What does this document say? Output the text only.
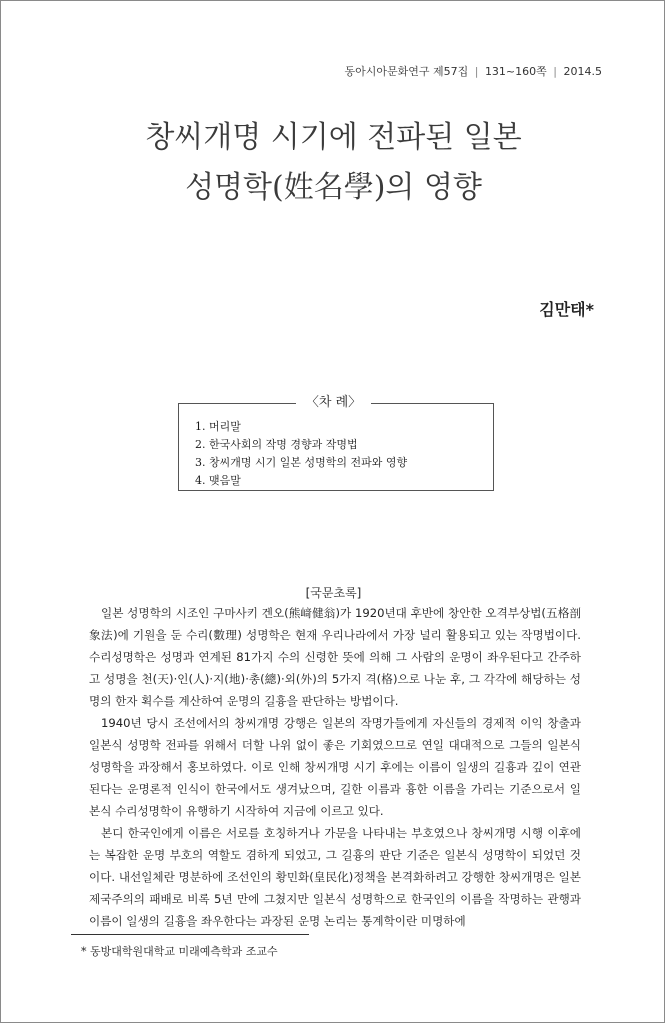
동아시아문화연구 제57집 | 131~160쪽 | 2014.5
창씨개명 시기에 전파된 일본
성명학(姓名學)의 영향
김만태*
1. 머리말
2. 한국사회의 작명 경향과 작명법
3. 창씨개명 시기 일본 성명학의 전파와 영향
4. 맺음말
〈차 례〉
[국문초록]

일본 성명학의 시조인 구마사키 겐오(熊﨑健翁)가 1920년대 후반에 창안한 오격부상법(五格剖象法)에 기원을 둔 수리(數理) 성명학은 현재 우리나라에서 가장 널리 활용되고 있는 작명법이다. 수리성명학은 성명과 연계된 81가지 수의 신령한 뜻에 의해 그 사람의 운명이 좌우된다고 간주하고 성명을 천(天)·인(人)·지(地)·총(總)·외(外)의 5가지 격(格)으로 나눈 후, 그 각각에 해당하는 성명의 한자 획수를 계산하여 운명의 길흉을 판단하는 방법이다.

1940년 당시 조선에서의 창씨개명 강행은 일본의 작명가들에게 자신들의 경제적 이익 창출과 일본식 성명학 전파를 위해서 더할 나위 없이 좋은 기회였으므로 연일 대대적으로 그들의 일본식 성명학을 과장해서 홍보하였다. 이로 인해 창씨개명 시기 후에는 이름이 일생의 길흉과 깊이 연관된다는 운명론적 인식이 한국에서도 생겨났으며, 길한 이름과 흉한 이름을 가리는 기준으로서 일본식 수리성명학이 유행하기 시작하여 지금에 이르고 있다.

본디 한국인에게 이름은 서로를 호칭하거나 가문을 나타내는 부호였으나 창씨개명 시행 이후에는 복잡한 운명 부호의 역할도 겸하게 되었고, 그 길흉의 판단 기준은 일본식 성명학이 되었던 것이다. 내선일체란 명분하에 조선인의 황민화(皇民化)정책을 본격화하려고 강행한 창씨개명은 일본 제국주의의 패배로 비록 5년 만에 그쳤지만 일본식 성명학으로 한국인의 이름을 작명하는 관행과 이름이 일생의 길흉을 좌우한다는 과장된 운명 논리는 통계학이란 미명하에

* 동방대학원대학교 미래예측학과 조교수
